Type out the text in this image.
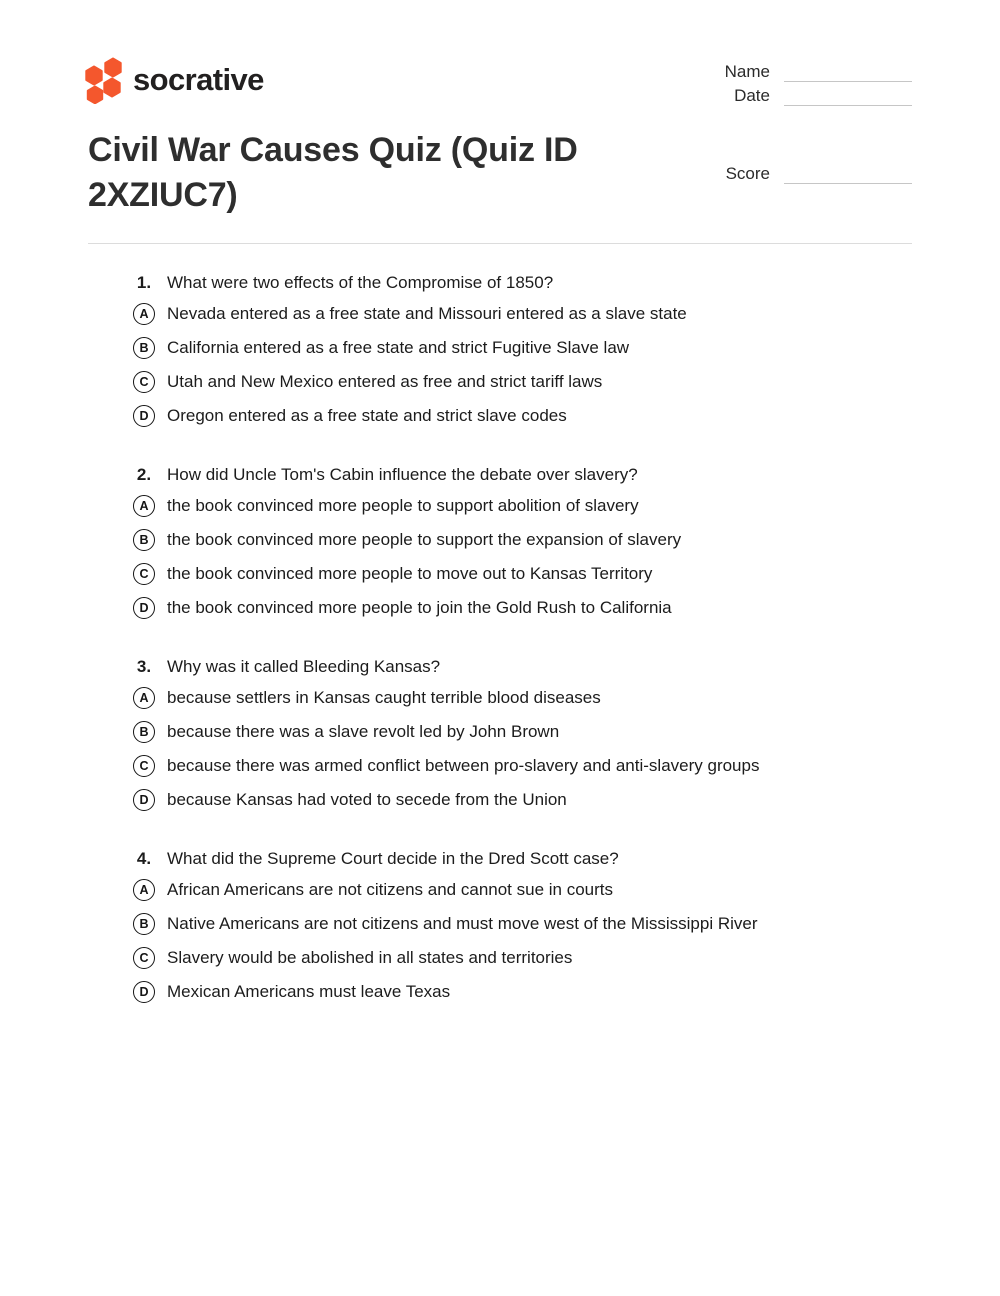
socrative	Name
Date
Score
Civil War Causes Quiz (Quiz ID 2XZIUC7)
1. What were two effects of the Compromise of 1850?
A	Nevada entered as a free state and Missouri entered as a slave state
B	California entered as a free state and strict Fugitive Slave law
C	Utah and New Mexico entered as free and strict tariff laws
D	Oregon entered as a free state and strict slave codes
2. How did Uncle Tom's Cabin influence the debate over slavery?
A	the book convinced more people to support abolition of slavery
B	the book convinced more people to support the expansion of slavery
C	the book convinced more people to move out to Kansas Territory
D	the book convinced more people to join the Gold Rush to California
3. Why was it called Bleeding Kansas?
A	because settlers in Kansas caught terrible blood diseases
B	because there was a slave revolt led by John Brown
C	because there was armed conflict between pro-slavery and anti-slavery groups
D	because Kansas had voted to secede from the Union
4. What did the Supreme Court decide in the Dred Scott case?
A	African Americans are not citizens and cannot sue in courts
B	Native Americans are not citizens and must move west of the Mississippi River
C	Slavery would be abolished in all states and territories
D	Mexican Americans must leave Texas
